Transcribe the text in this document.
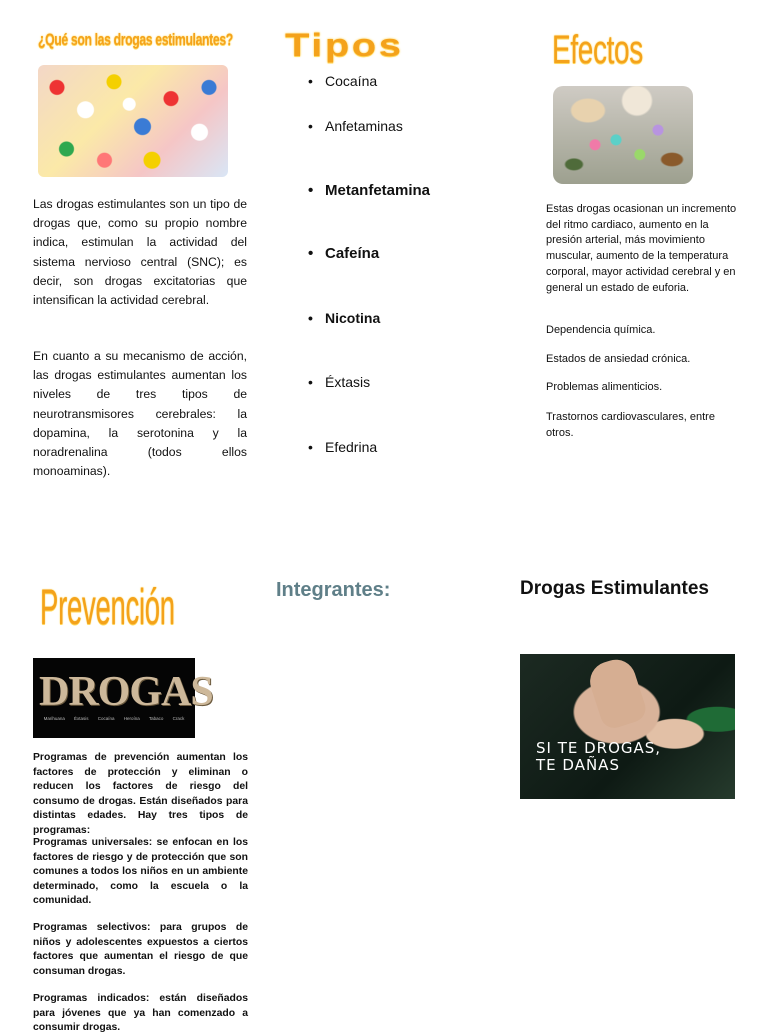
¿Qué son las drogas estimulantes?
Las drogas estimulantes son un tipo de drogas que, como su propio nombre indica, estimulan la actividad del sistema nervioso central (SNC); es decir, son drogas excitatorias que intensifican la actividad cerebral.
En cuanto a su mecanismo de acción, las drogas estimulantes aumentan los niveles de tres tipos de neurotransmisores cerebrales: la dopamina, la serotonina y la noradrenalina (todos ellos monoaminas).
Tipos
• Cocaína
• Anfetaminas
• Metanfetamina
• Cafeína
• Nicotina
• Éxtasis
• Efedrina
Efectos
Estas drogas ocasionan un incremento del ritmo cardiaco, aumento en la presión arterial, más movimiento muscular, aumento de la temperatura corporal, mayor actividad cerebral y en general un estado de euforia.
Dependencia química.
Estados de ansiedad crónica.
Problemas alimenticios.
Trastornos cardiovasculares, entre otros.
Prevención
DROGAS
Marihuana Éxtasis Cocaína Heroína Tabaco Crack
Programas de prevención aumentan los factores de protección y eliminan o reducen los factores de riesgo del consumo de drogas. Están diseñados para distintas edades. Hay tres tipos de programas:
Programas universales: se enfocan en los factores de riesgo y de protección que son comunes a todos los niños en un ambiente determinado, como la escuela o la comunidad.
Programas selectivos: para grupos de niños y adolescentes expuestos a ciertos factores que aumentan el riesgo de que consuman drogas.
Programas indicados: están diseñados para jóvenes que ya han comenzado a consumir drogas.
Integrantes:	Drogas Estimulantes
SI TE DROGAS, TE DAÑAS
